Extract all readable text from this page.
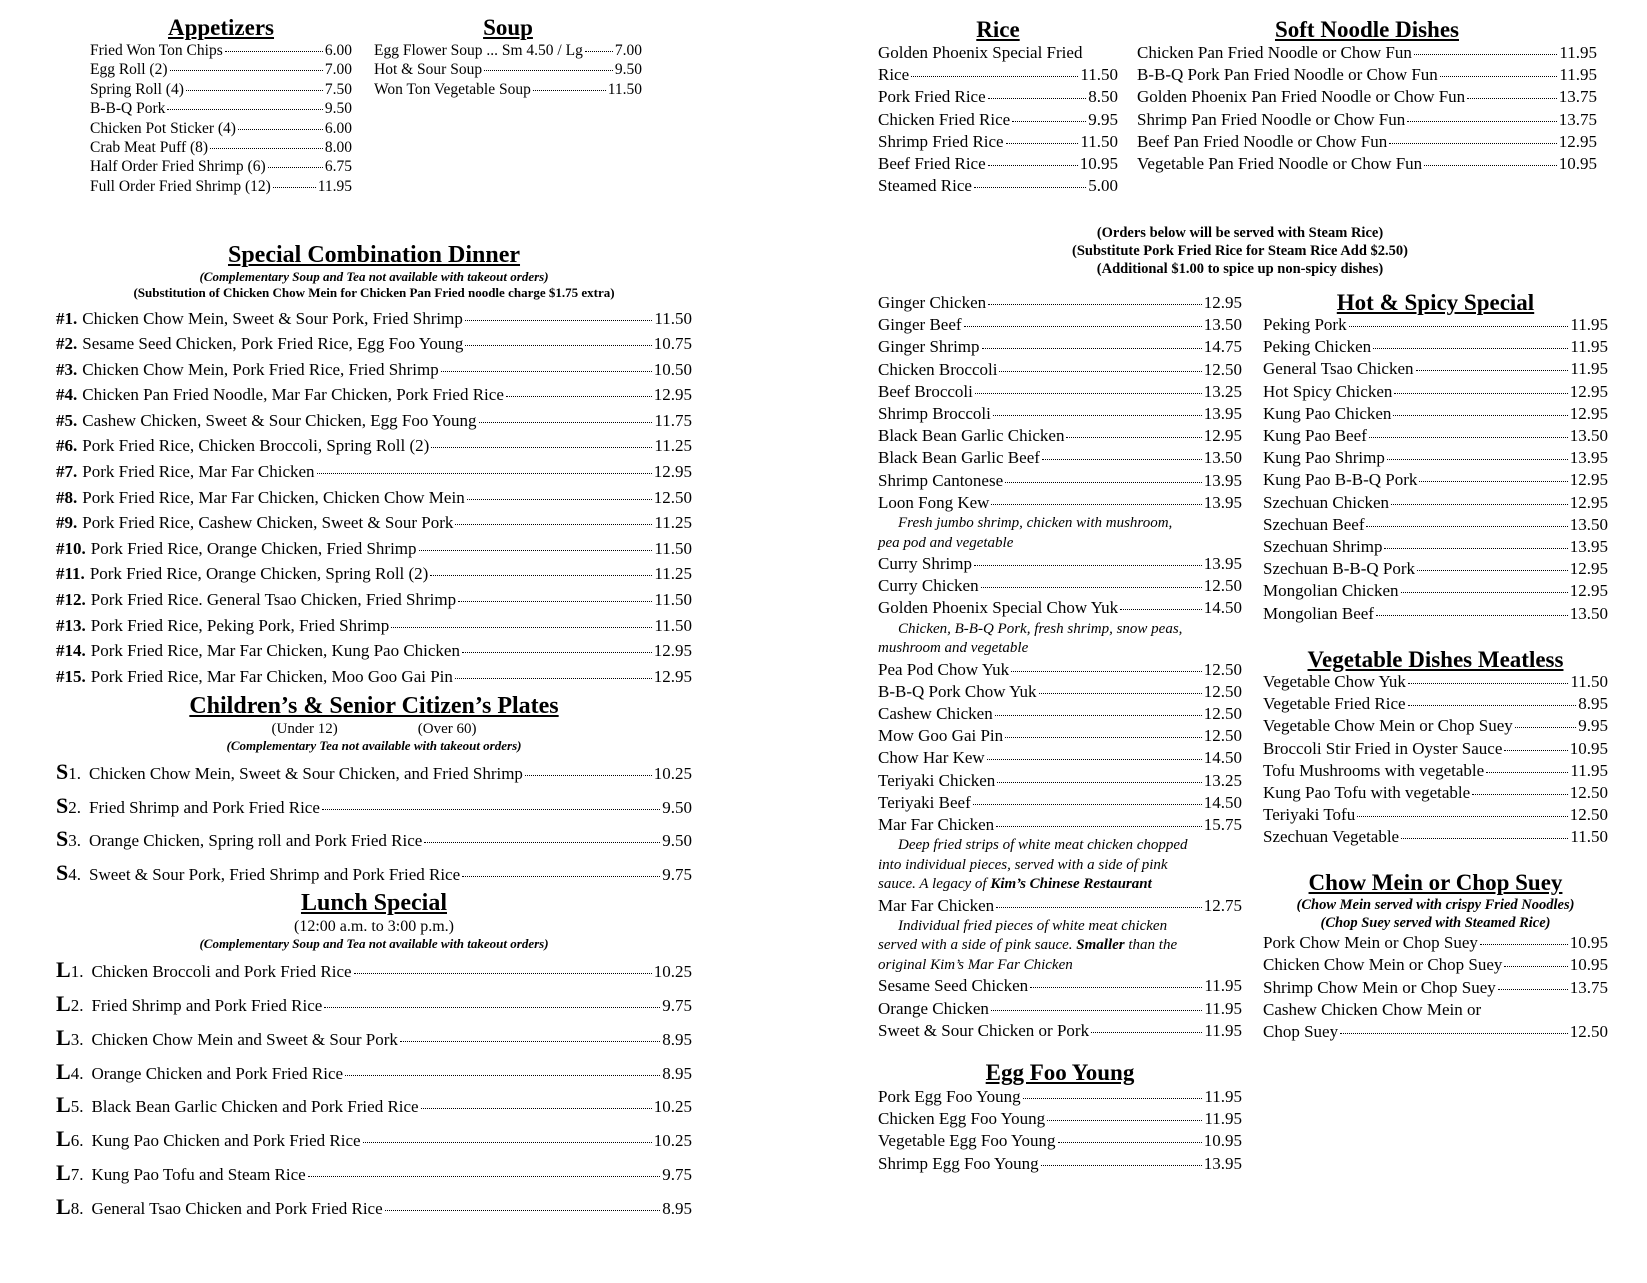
Appetizers
Fried Won Ton Chips	6.00
Egg Roll (2)	7.00
Spring Roll (4)	7.50
B-B-Q Pork	9.50
Chicken Pot Sticker (4)	6.00
Crab Meat Puff (8)	8.00
Half Order Fried Shrimp (6)	6.75
Full Order Fried Shrimp (12)	11.95
Soup
Egg Flower Soup ... Sm 4.50 / Lg 7.00
Hot & Sour Soup	9.50
Won Ton Vegetable Soup	11.50
Special Combination Dinner
(Complementary Soup and Tea not available with takeout orders)
(Substitution of Chicken Chow Mein for Chicken Pan Fried noodle charge $1.75 extra)
#1. Chicken Chow Mein, Sweet & Sour Pork, Fried Shrimp	11.50
#2. Sesame Seed Chicken, Pork Fried Rice, Egg Foo Young	10.75
#3. Chicken Chow Mein, Pork Fried Rice, Fried Shrimp	10.50
#4. Chicken Pan Fried Noodle, Mar Far Chicken, Pork Fried Rice	12.95
#5. Cashew Chicken, Sweet & Sour Chicken, Egg Foo Young	11.75
#6. Pork Fried Rice, Chicken Broccoli, Spring Roll (2)	11.25
#7. Pork Fried Rice, Mar Far Chicken	12.95
#8. Pork Fried Rice, Mar Far Chicken, Chicken Chow Mein	12.50
#9. Pork Fried Rice, Cashew Chicken, Sweet & Sour Pork	11.25
#10. Pork Fried Rice, Orange Chicken, Fried Shrimp	11.50
#11. Pork Fried Rice, Orange Chicken, Spring Roll (2)	11.25
#12. Pork Fried Rice. General Tsao Chicken, Fried Shrimp	11.50
#13. Pork Fried Rice, Peking Pork, Fried Shrimp	11.50
#14. Pork Fried Rice, Mar Far Chicken, Kung Pao Chicken	12.95
#15. Pork Fried Rice, Mar Far Chicken, Moo Goo Gai Pin	12.95
Children’s & Senior Citizen’s Plates
(Under 12)	(Over 60)
(Complementary Tea not available with takeout orders)
S 1. Chicken Chow Mein, Sweet & Sour Chicken, and Fried Shrimp	10.25
S 2. Fried Shrimp and Pork Fried Rice	9.50
S 3. Orange Chicken, Spring roll and Pork Fried Rice	9.50
S 4. Sweet & Sour Pork, Fried Shrimp and Pork Fried Rice	9.75
Lunch Special
(12:00 a.m. to 3:00 p.m.)
(Complementary Soup and Tea not available with takeout orders)
L 1. Chicken Broccoli and Pork Fried Rice	10.25
L 2. Fried Shrimp and Pork Fried Rice	9.75
L 3. Chicken Chow Mein and Sweet & Sour Pork	8.95
L 4. Orange Chicken and Pork Fried Rice	8.95
L 5. Black Bean Garlic Chicken and Pork Fried Rice	10.25
L 6. Kung Pao Chicken and Pork Fried Rice	10.25
L 7. Kung Pao Tofu and Steam Rice	9.75
L 8. General Tsao Chicken and Pork Fried Rice	8.95
Rice
Golden Phoenix Special Fried
Rice	11.50
Pork Fried Rice	8.50
Chicken Fried Rice	9.95
Shrimp Fried Rice	11.50
Beef Fried Rice	10.95
Steamed Rice	5.00
Soft Noodle Dishes
Chicken Pan Fried Noodle or Chow Fun	11.95
B-B-Q Pork Pan Fried Noodle or Chow Fun	11.95
Golden Phoenix Pan Fried Noodle or Chow Fun	13.75
Shrimp Pan Fried Noodle or Chow Fun	13.75
Beef Pan Fried Noodle or Chow Fun	12.95
Vegetable Pan Fried Noodle or Chow Fun	10.95
(Orders below will be served with Steam Rice)
(Substitute Pork Fried Rice for Steam Rice Add $2.50)
(Additional $1.00 to spice up non-spicy dishes)
Ginger Chicken	12.95
Ginger Beef	13.50
Ginger Shrimp	14.75
Chicken Broccoli	12.50
Beef Broccoli	13.25
Shrimp Broccoli	13.95
Black Bean Garlic Chicken	12.95
Black Bean Garlic Beef	13.50
Shrimp Cantonese	13.95
Loon Fong Kew	13.95
Fresh jumbo shrimp, chicken with mushroom,
pea pod and vegetable
Curry Shrimp	13.95
Curry Chicken	12.50
Golden Phoenix Special Chow Yuk	14.50
Chicken, B-B-Q Pork, fresh shrimp, snow peas,
mushroom and vegetable
Pea Pod Chow Yuk	12.50
B-B-Q Pork Chow Yuk	12.50
Cashew Chicken	12.50
Mow Goo Gai Pin	12.50
Chow Har Kew	14.50
Teriyaki Chicken	13.25
Teriyaki Beef	14.50
Mar Far Chicken	15.75
Deep fried strips of white meat chicken chopped
into individual pieces, served with a side of pink
sauce. A legacy of Kim’s Chinese Restaurant
Mar Far Chicken	12.75
Individual fried pieces of white meat chicken
served with a side of pink sauce. Smaller than the
original Kim’s Mar Far Chicken
Sesame Seed Chicken	11.95
Orange Chicken	11.95
Sweet & Sour Chicken or Pork	11.95
Egg Foo Young
Pork Egg Foo Young	11.95
Chicken Egg Foo Young	11.95
Vegetable Egg Foo Young	10.95
Shrimp Egg Foo Young	13.95
Hot & Spicy Special
Peking Pork	11.95
Peking Chicken	11.95
General Tsao Chicken	11.95
Hot Spicy Chicken	12.95
Kung Pao Chicken	12.95
Kung Pao Beef	13.50
Kung Pao Shrimp	13.95
Kung Pao B-B-Q Pork	12.95
Szechuan Chicken	12.95
Szechuan Beef	13.50
Szechuan Shrimp	13.95
Szechuan B-B-Q Pork	12.95
Mongolian Chicken	12.95
Mongolian Beef	13.50
Vegetable Dishes Meatless
Vegetable Chow Yuk	11.50
Vegetable Fried Rice	8.95
Vegetable Chow Mein or Chop Suey	9.95
Broccoli Stir Fried in Oyster Sauce	10.95
Tofu Mushrooms with vegetable	11.95
Kung Pao Tofu with vegetable	12.50
Teriyaki Tofu	12.50
Szechuan Vegetable	11.50
Chow Mein or Chop Suey
(Chow Mein served with crispy Fried Noodles)
(Chop Suey served with Steamed Rice)
Pork Chow Mein or Chop Suey	10.95
Chicken Chow Mein or Chop Suey	10.95
Shrimp Chow Mein or Chop Suey	13.75
Cashew Chicken Chow Mein or
Chop Suey	12.50
